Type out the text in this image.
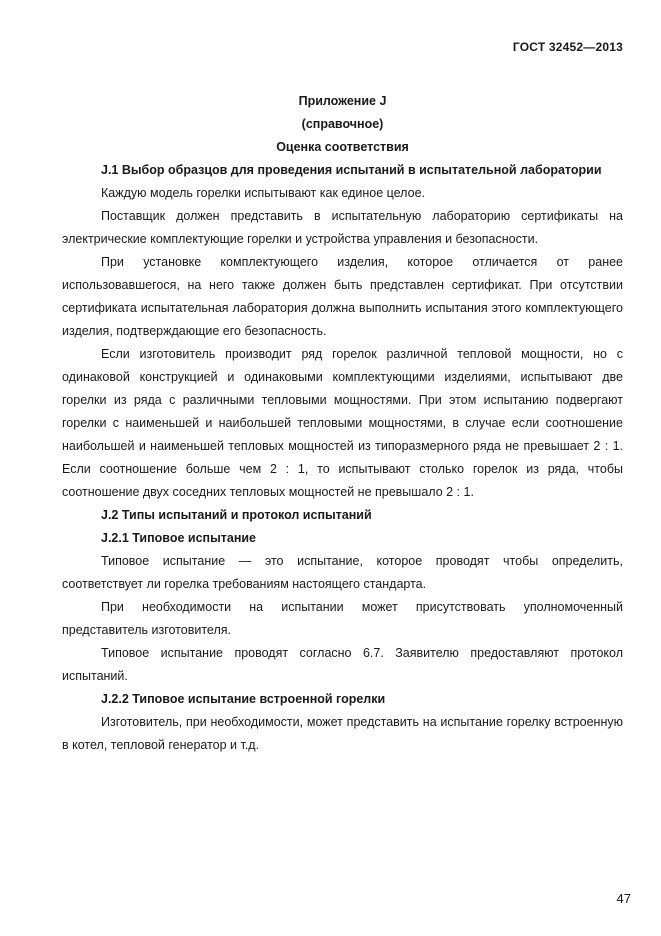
ГОСТ 32452—2013
Приложение J
(справочное)
Оценка соответствия
J.1 Выбор образцов для проведения испытаний в испытательной лаборатории

Каждую модель горелки испытывают как единое целое.

Поставщик должен представить в испытательную лабораторию сертификаты на электрические комплектующие горелки и устройства управления и безопасности.

При установке комплектующего изделия, которое отличается от ранее использовавшегося, на него также должен быть представлен сертификат. При отсутствии сертификата испытательная лаборатория должна выполнить испытания этого комплектующего изделия, подтверждающие его безопасность.

Если изготовитель производит ряд горелок различной тепловой мощности, но с одинаковой конструкцией и одинаковыми комплектующими изделиями, испытывают две горелки из ряда с различными тепловыми мощностями. При этом испытанию подвергают горелки с наименьшей и наибольшей тепловыми мощностями, в случае если соотношение наибольшей и наименьшей тепловых мощностей из типоразмерного ряда не превышает 2 : 1. Если соотношение больше чем 2 : 1, то испытывают столько горелок из ряда, чтобы соотношение двух соседних тепловых мощностей не превышало 2 : 1.

J.2 Типы испытаний и протокол испытаний
J.2.1 Типовое испытание

Типовое испытание — это испытание, которое проводят чтобы определить, соответствует ли горелка требованиям настоящего стандарта.

При необходимости на испытании может присутствовать уполномоченный представитель изготовителя.

Типовое испытание проводят согласно 6.7. Заявителю предоставляют протокол испытаний.

J.2.2 Типовое испытание встроенной горелки

Изготовитель, при необходимости, может представить на испытание горелку встроенную в котел, тепловой генератор и т.д.

47
